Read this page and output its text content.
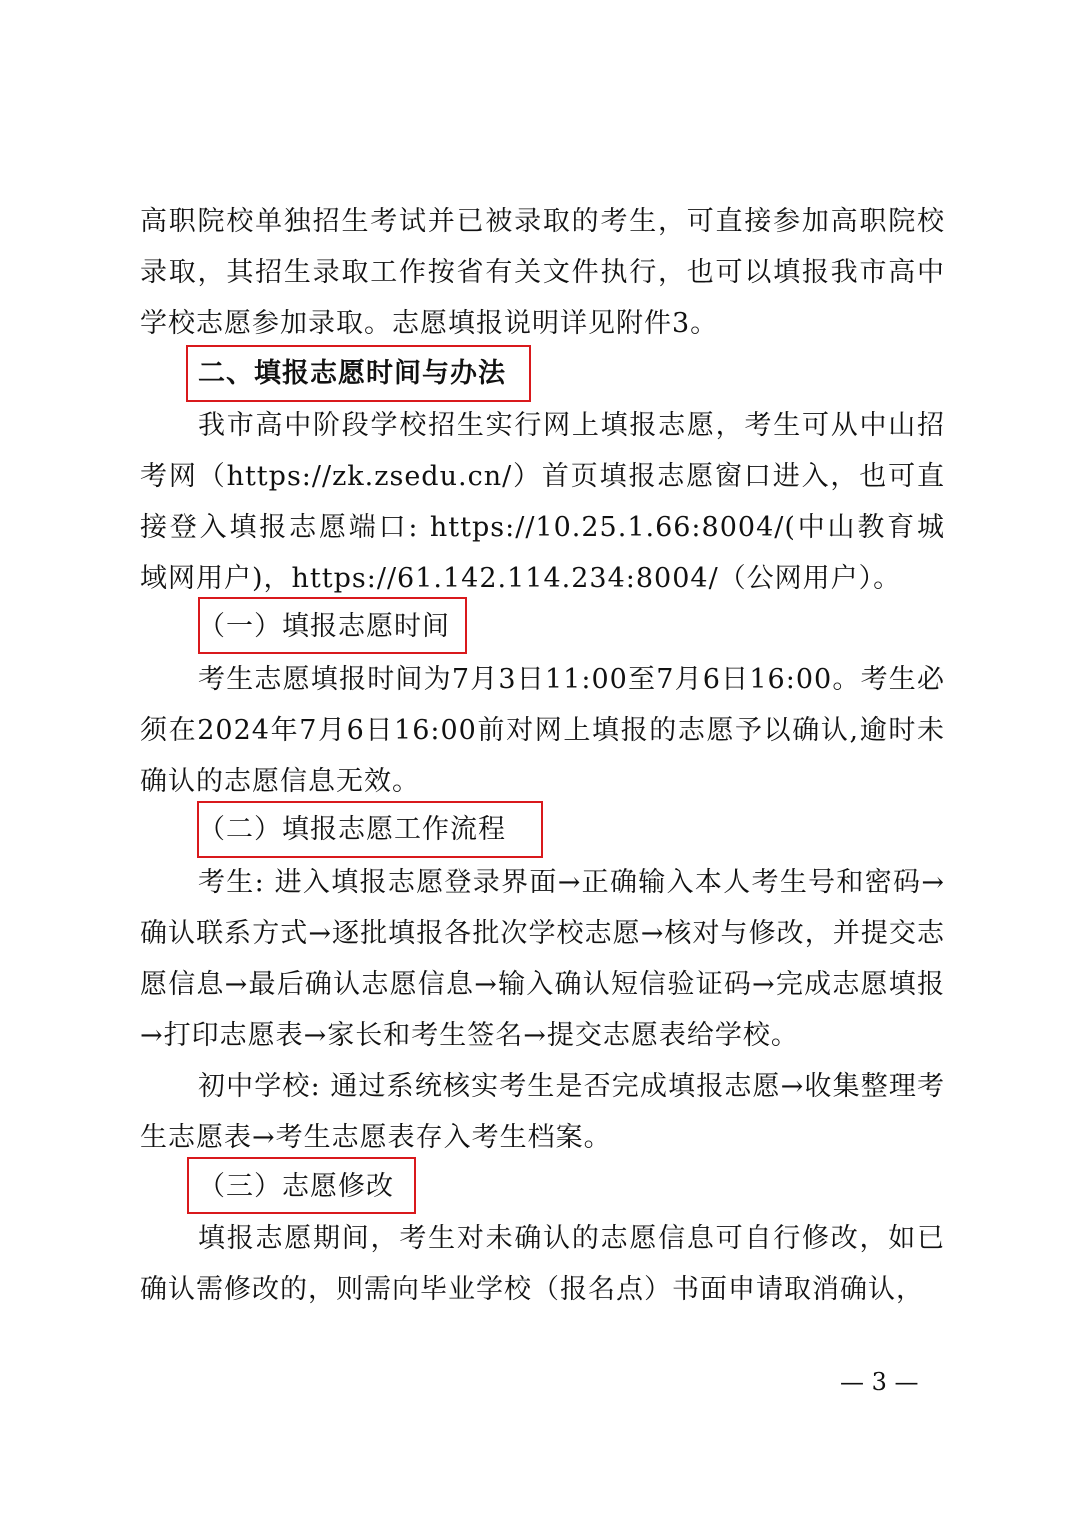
高职院校单独招生考试并已被录取的考生，可直接参加高职院校录取，其招生录取工作按省有关文件执行，也可以填报我市高中学校志愿参加录取。志愿填报说明详见附件3。

二、填报志愿时间与办法

我市高中阶段学校招生实行网上填报志愿，考生可从中山招考网（https://zk.zsedu.cn/）首页填报志愿窗口进入，也可直接登入填报志愿端口: https://10.25.1.66:8004/(中山教育城域网用户)，https://61.142.114.234:8004/（公网用户）。

（一）填报志愿时间

考生志愿填报时间为7月3日11:00至7月6日16:00。考生必须在2024年7月6日16:00前对网上填报的志愿予以确认,逾时未确认的志愿信息无效。

（二）填报志愿工作流程

考生: 进入填报志愿登录界面→正确输入本人考生号和密码→确认联系方式→逐批填报各批次学校志愿→核对与修改，并提交志愿信息→最后确认志愿信息→输入确认短信验证码→完成志愿填报→打印志愿表→家长和考生签名→提交志愿表给学校。

初中学校: 通过系统核实考生是否完成填报志愿→收集整理考生志愿表→考生志愿表存入考生档案。

（三）志愿修改

填报志愿期间，考生对未确认的志愿信息可自行修改，如已确认需修改的，则需向毕业学校（报名点）书面申请取消确认，

— 3 —
